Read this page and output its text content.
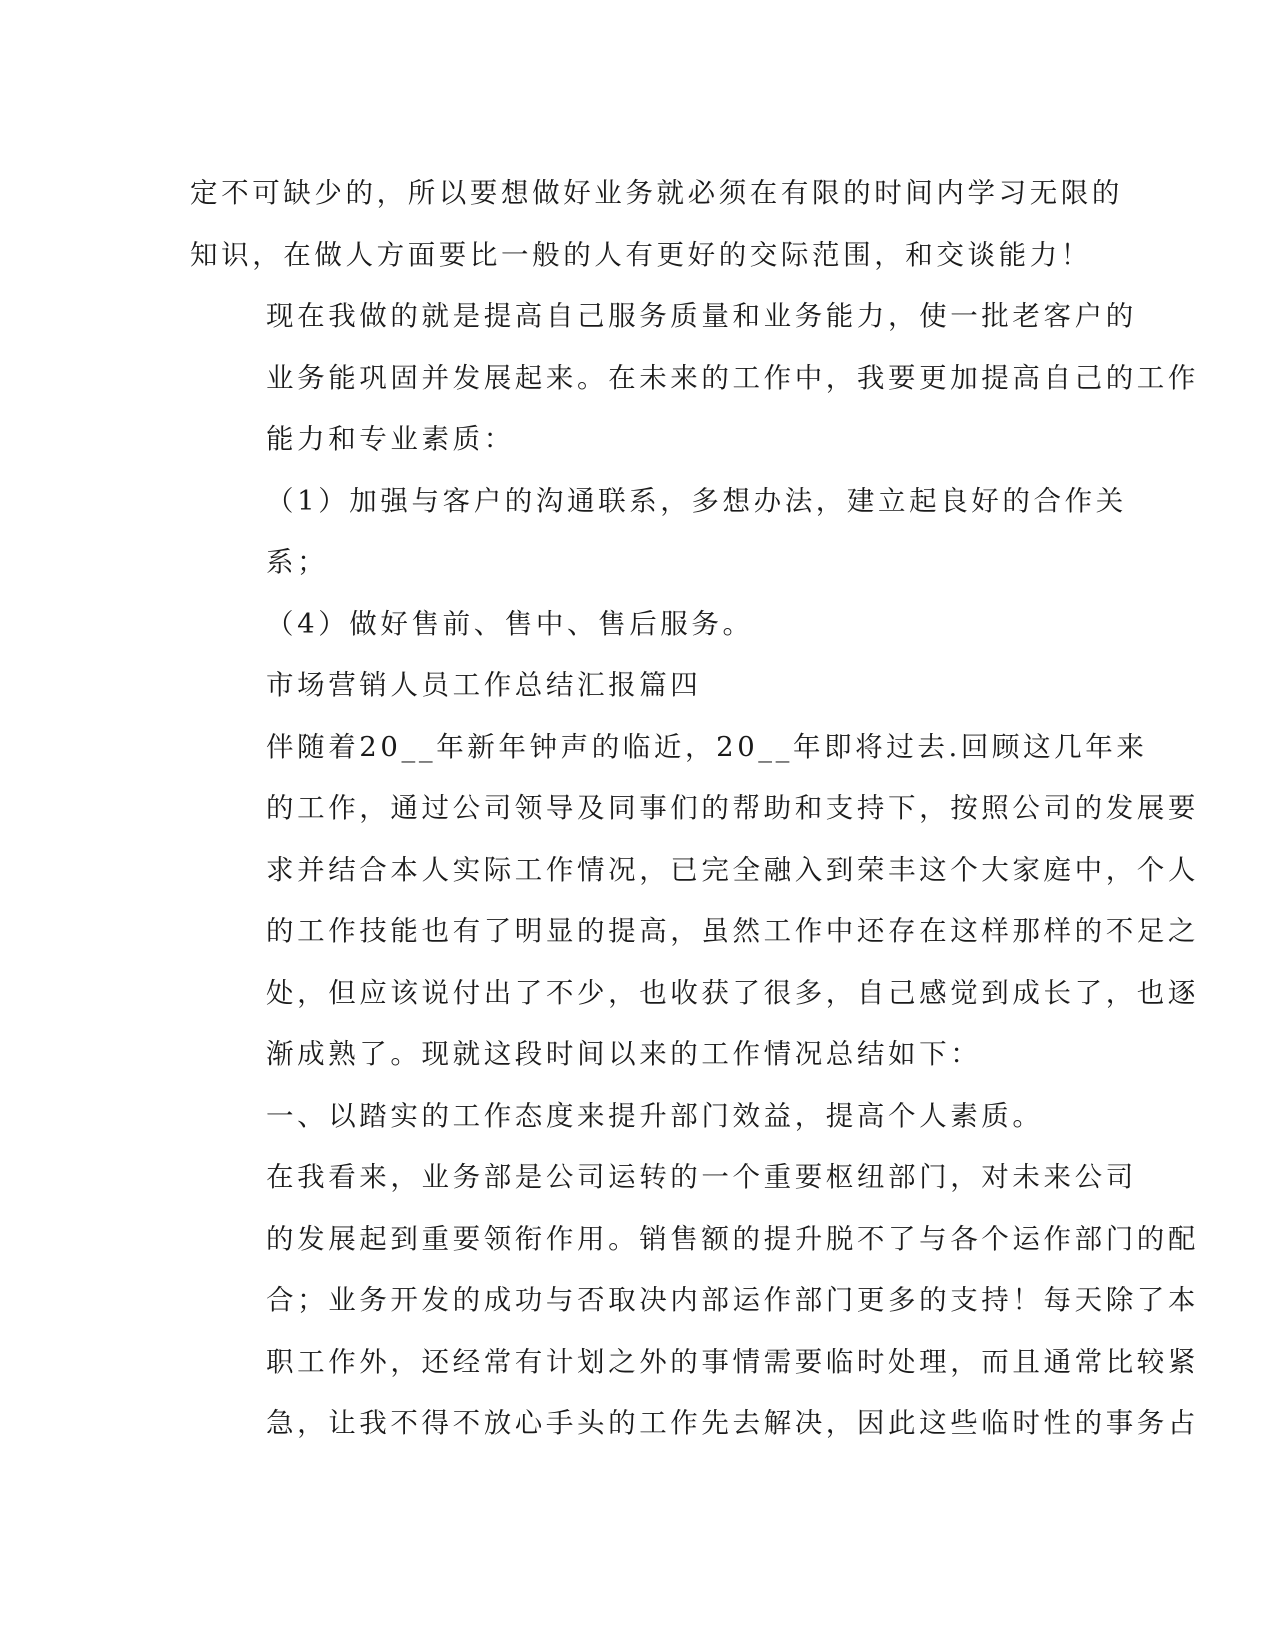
定不可缺少的，所以要想做好业务就必须在有限的时间内学习无限的
知识，在做人方面要比一般的人有更好的交际范围，和交谈能力！
现在我做的就是提高自己服务质量和业务能力，使一批老客户的
业务能巩固并发展起来。在未来的工作中，我要更加提高自己的工作
能力和专业素质：
（1）加强与客户的沟通联系，多想办法，建立起良好的合作关
系；
（4）做好售前、售中、售后服务。
市场营销人员工作总结汇报篇四
伴随着20__年新年钟声的临近，20__年即将过去.回顾这几年来
的工作，通过公司领导及同事们的帮助和支持下，按照公司的发展要
求并结合本人实际工作情况，已完全融入到荣丰这个大家庭中，个人
的工作技能也有了明显的提高，虽然工作中还存在这样那样的不足之
处，但应该说付出了不少，也收获了很多，自己感觉到成长了，也逐
渐成熟了。现就这段时间以来的工作情况总结如下：
一、以踏实的工作态度来提升部门效益，提高个人素质。
在我看来，业务部是公司运转的一个重要枢纽部门，对未来公司
的发展起到重要领衔作用。销售额的提升脱不了与各个运作部门的配
合；业务开发的成功与否取决内部运作部门更多的支持！每天除了本
职工作外，还经常有计划之外的事情需要临时处理，而且通常比较紧
急，让我不得不放心手头的工作先去解决，因此这些临时性的事务占
